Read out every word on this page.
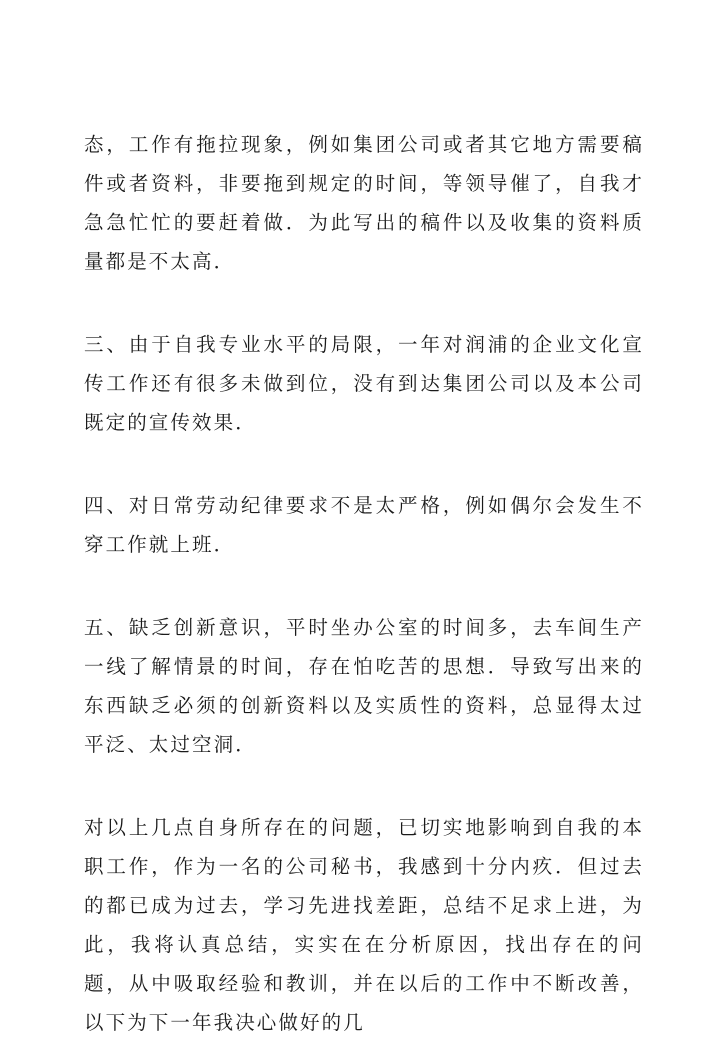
态，工作有拖拉现象，例如集团公司或者其它地方需要稿件或者资料，非要拖到规定的时间，等领导催了，自我才急急忙忙的要赶着做．为此写出的稿件以及收集的资料质量都是不太高．

三、由于自我专业水平的局限，一年对润浦的企业文化宣传工作还有很多未做到位，没有到达集团公司以及本公司既定的宣传效果．

四、对日常劳动纪律要求不是太严格，例如偶尔会发生不穿工作就上班．

五、缺乏创新意识，平时坐办公室的时间多，去车间生产一线了解情景的时间，存在怕吃苦的思想．导致写出来的东西缺乏必须的创新资料以及实质性的资料，总显得太过平泛、太过空洞．

对以上几点自身所存在的问题，已切实地影响到自我的本职工作，作为一名的公司秘书，我感到十分内疚．但过去的都已成为过去，学习先进找差距，总结不足求上进，为此，我将认真总结，实实在在分析原因，找出存在的问题，从中吸取经验和教训，并在以后的工作中不断改善，以下为下一年我决心做好的几
